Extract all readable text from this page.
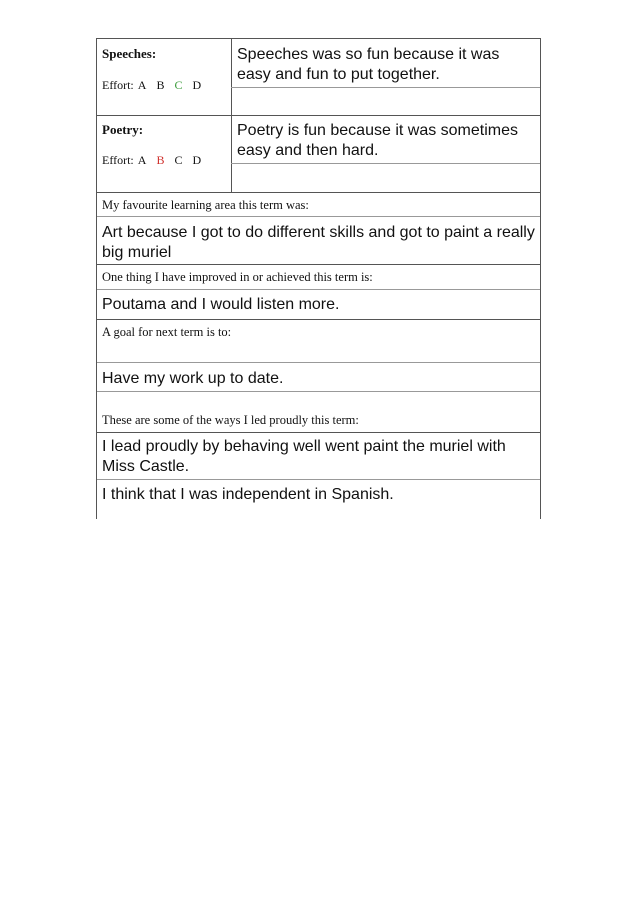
Speeches:
Effort: A B C D
Speeches was so fun because it was easy and fun to put together.
Poetry:
Effort: A B C D
Poetry is fun because it was sometimes easy and then hard.
My favourite learning area this term was:
Art because I got to do different skills and got to paint a really big muriel
One thing I have improved in or achieved this term is:
Poutama and I would listen more.
A goal for next term is to:
Have my work up to date.
These are some of the ways I led proudly this term:
I lead proudly by behaving well went paint the muriel with Miss Castle.
I think that I was independent in Spanish.
